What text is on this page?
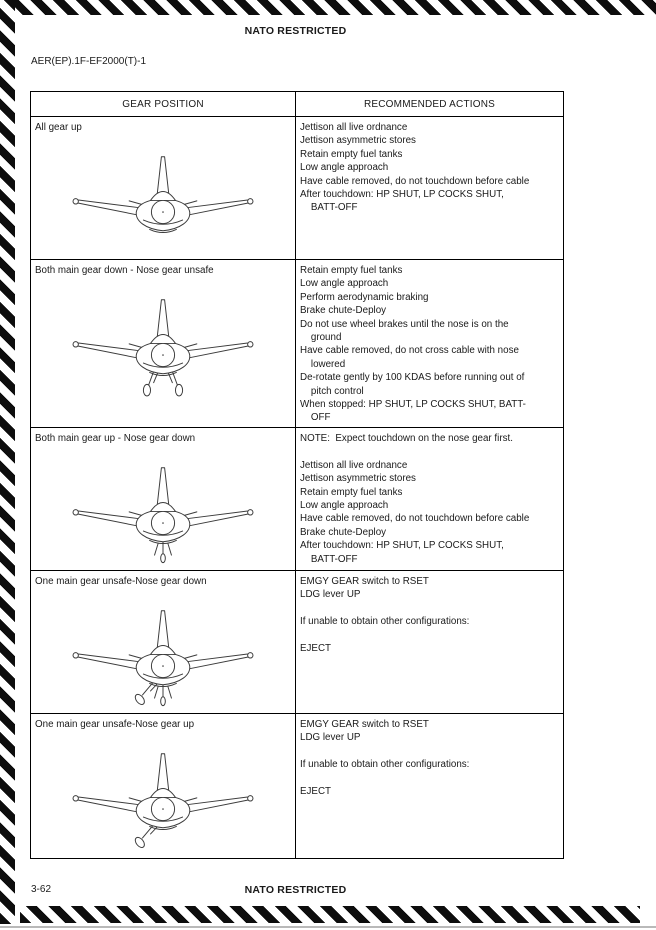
NATO RESTRICTED
AER(EP).1F-EF2000(T)-1
GEAR POSITION	RECOMMENDED ACTIONS

All gear up	Jettison all live ordnance
Jettison asymmetric stores
Retain empty fuel tanks
Low angle approach
Have cable removed, do not touchdown before cable
After touchdown: HP SHUT, LP COCKS SHUT,
BATT-OFF

Both main gear down - Nose gear unsafe	Retain empty fuel tanks
Low angle approach
Perform aerodynamic braking
Brake chute-Deploy
Do not use wheel brakes until the nose is on the
ground
Have cable removed, do not cross cable with nose
lowered
De-rotate gently by 100 KDAS before running out of
pitch control
When stopped: HP SHUT, LP COCKS SHUT, BATT-
OFF

Both main gear up - Nose gear down	NOTE:  Expect touchdown on the nose gear first.

Jettison all live ordnance
Jettison asymmetric stores
Retain empty fuel tanks
Low angle approach
Have cable removed, do not touchdown before cable
Brake chute-Deploy
After touchdown: HP SHUT, LP COCKS SHUT,
BATT-OFF

One main gear unsafe-Nose gear down	EMGY GEAR switch to RSET
LDG lever UP

If unable to obtain other configurations:

EJECT

One main gear unsafe-Nose gear up	EMGY GEAR switch to RSET
LDG lever UP

If unable to obtain other configurations:

EJECT
3-62	NATO RESTRICTED
